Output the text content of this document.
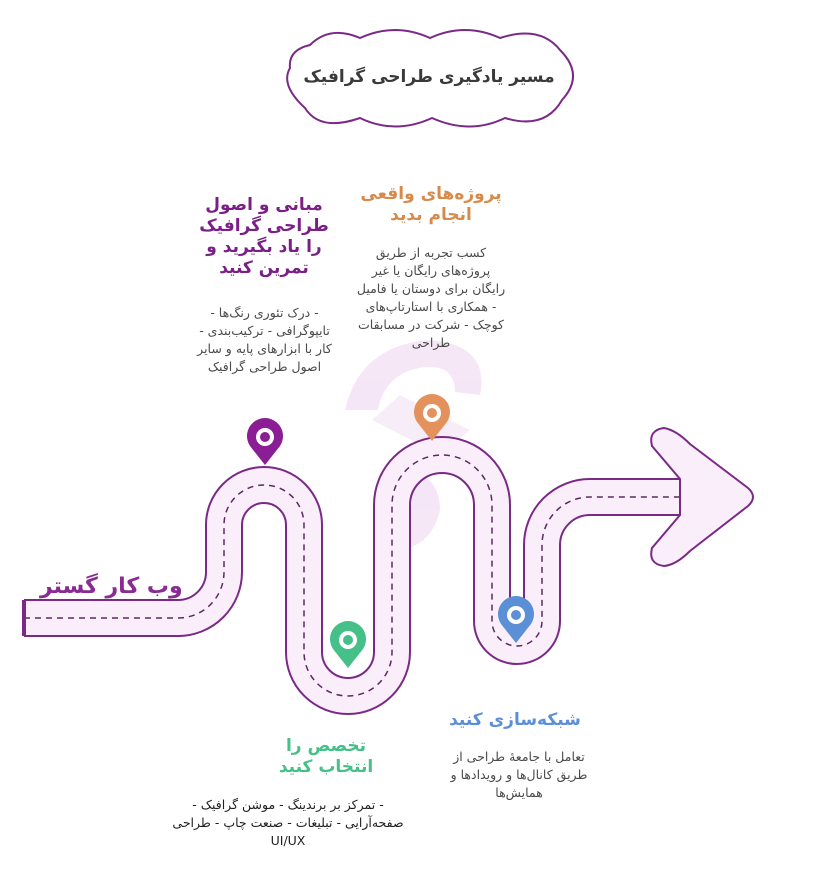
مسیر یادگیری طراحی گرافیک
وب کار گستر
مبانی و اصول طراحی گرافیک را یاد بگیرید و تمرین کنید
- درک تئوری رنگ‌ها - تایپوگرافی - ترکیب‌بندی - کار با ابزارهای پایه و سایر اصول طراحی گرافیک
تخصص را انتخاب کنید
- تمرکز بر برندینگ - موشن گرافیک - صفحه‌آرایی - تبلیغات - صنعت چاپ - طراحی UI/UX
پروژه‌های واقعی انجام بدید
کسب تجربه از طریق پروژه‌های رایگان یا غیر رایگان برای دوستان یا فامیل - همکاری با استارتاپ‌های کوچک - شرکت در مسابقات طراحی
شبکه‌سازی کنید
تعامل با جامعهٔ طراحی از طریق کانال‌ها و رویدادها و همایش‌ها
